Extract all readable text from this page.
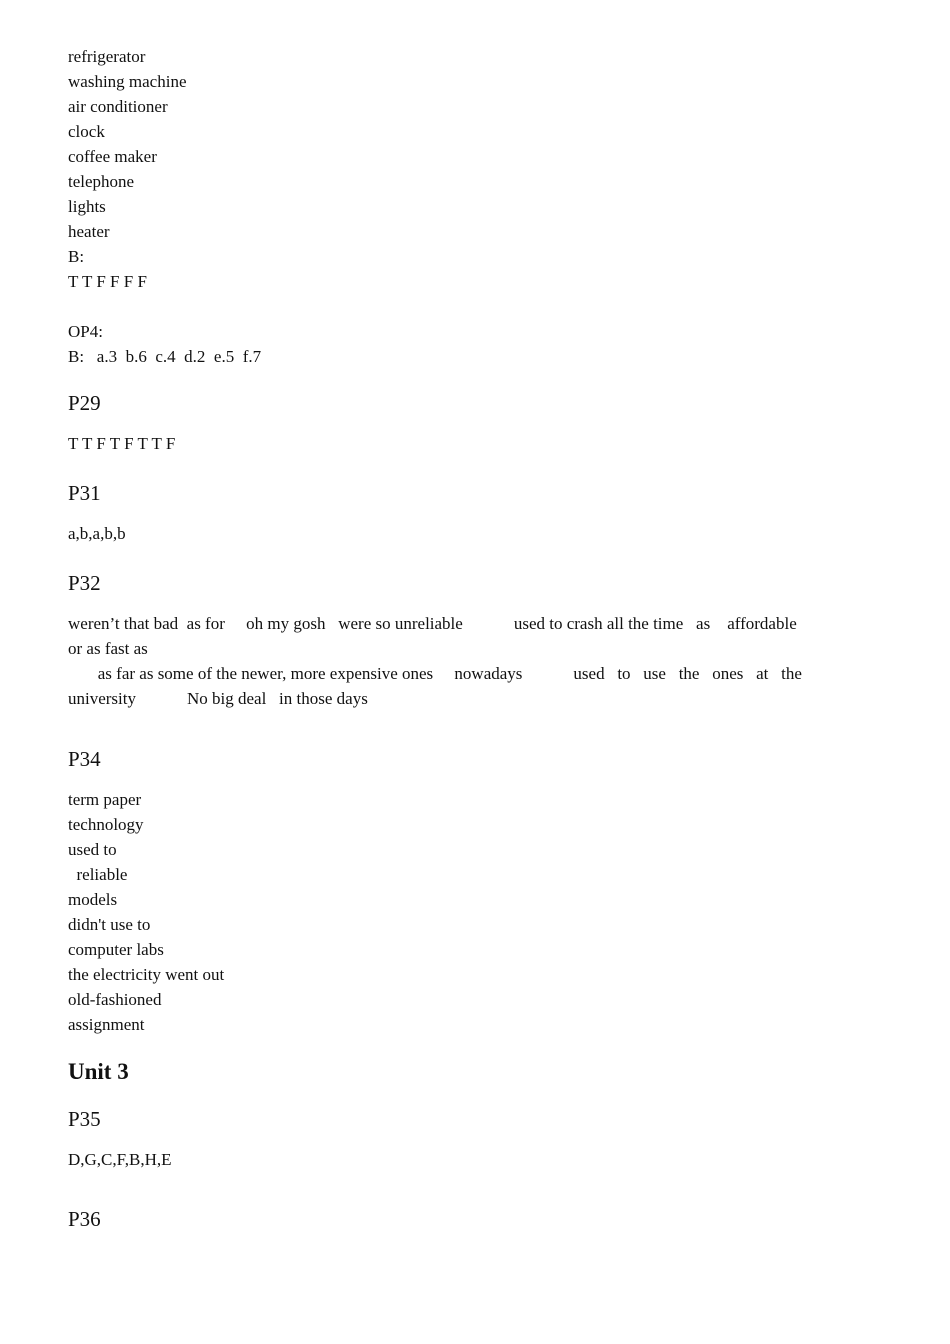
refrigerator

washing machine

air conditioner

clock

coffee maker

telephone

lights

heater

B:

T T F F F F

OP4:

B:   a.3  b.6  c.4  d.2  e.5  f.7

P29

T T F T F T T F

P31

a,b,a,b,b

P32

weren’t that bad  as for     oh my gosh   were so unreliable            used to crash all the time   as    affordable

or as fast as

as far as some of the newer, more expensive ones     nowadays            used   to   use   the   ones   at   the

university            No big deal   in those days

P34

term paper

technology

used to

reliable

models

didn't use to

computer labs

the electricity went out

old-fashioned

assignment

Unit 3

P35

D,G,C,F,B,H,E

P36
